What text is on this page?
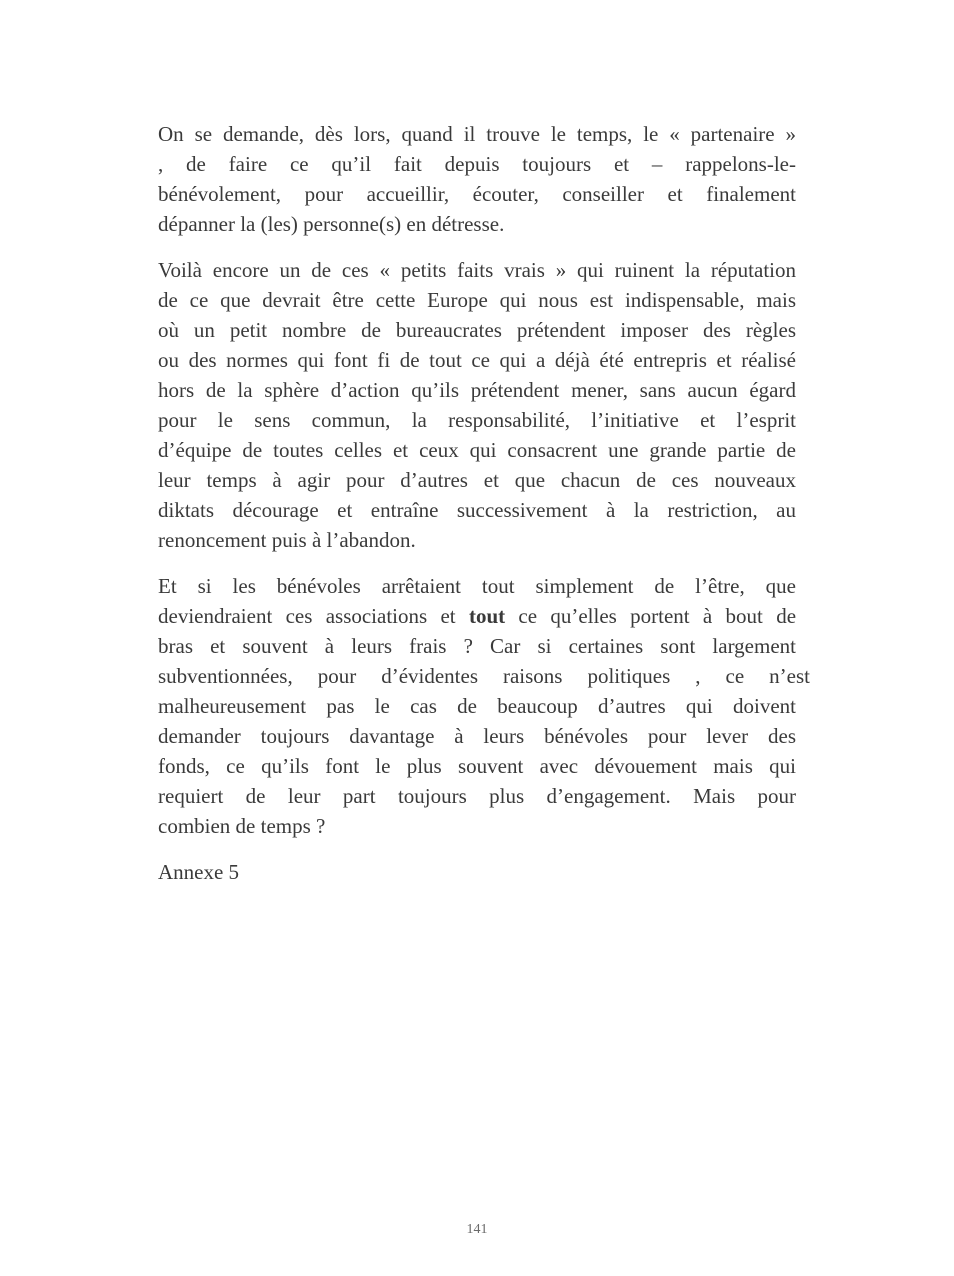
On se demande, dès lors, quand il trouve le temps, le « partenaire »
, de faire ce qu’il fait depuis toujours et – rappelons-le-
bénévolement, pour accueillir, écouter, conseiller et finalement
dépanner la (les) personne(s) en détresse.

Voilà encore un de ces « petits faits vrais » qui ruinent la réputation
de ce que devrait être cette Europe qui nous est indispensable, mais
où un petit nombre de bureaucrates prétendent imposer des règles
ou des normes qui font fi de tout ce qui a déjà été entrepris et réalisé
hors de la sphère d’action qu’ils prétendent mener, sans aucun égard
pour le sens commun, la responsabilité, l’initiative et l’esprit
d’équipe de toutes celles et ceux qui consacrent une grande partie de
leur temps à agir pour d’autres et que chacun de ces nouveaux
diktats décourage et entraîne successivement à la restriction, au
renoncement puis à l’abandon.

Et si les bénévoles arrêtaient tout simplement de l’être, que
deviendraient ces associations et tout ce qu’elles portent à bout de
bras et souvent à leurs frais ? Car si certaines sont largement
subventionnées, pour d’évidentes raisons politiques , ce n’est
malheureusement pas le cas de beaucoup d’autres qui doivent
demander toujours davantage à leurs bénévoles pour lever des
fonds, ce qu’ils font le plus souvent avec dévouement mais qui
requiert de leur part toujours plus d’engagement. Mais pour
combien de temps ?

Annexe 5

141
